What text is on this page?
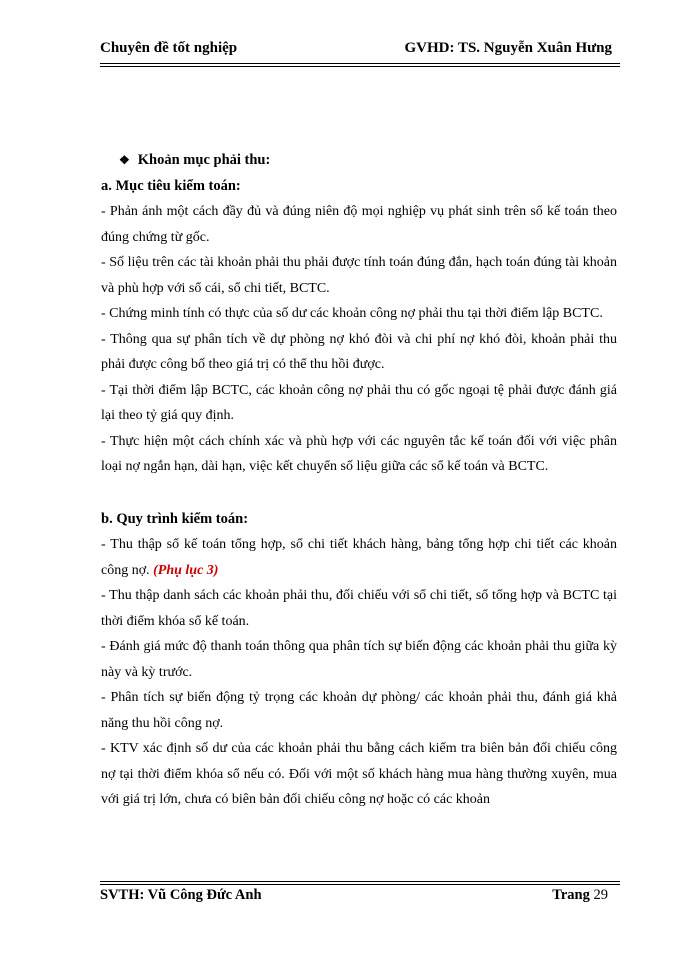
Chuyên đề tốt nghiệp	GVHD: TS. Nguyễn Xuân Hưng

❖ Khoản mục phải thu:

a. Mục tiêu kiểm toán:

- Phản ánh một cách đầy đủ và đúng niên độ mọi nghiệp vụ phát sinh trên sổ kế toán theo đúng chứng từ gốc.

- Số liệu trên các tài khoản phải thu phải được tính toán đúng đắn, hạch toán đúng tài khoản và phù hợp với sổ cái, sổ chi tiết, BCTC.

- Chứng minh tính có thực của số dư các khoản công nợ phải thu tại thời điểm lập BCTC.

- Thông qua sự phân tích về dự phòng nợ khó đòi và chi phí nợ khó đòi, khoản phải thu phải được công bố theo giá trị có thể thu hồi được.

- Tại thời điểm lập BCTC, các khoản công nợ phải thu có gốc ngoại tệ phải được đánh giá lại theo tỷ giá quy định.

- Thực hiện một cách chính xác và phù hợp với các nguyên tắc kế toán đối với việc phân loại nợ ngắn hạn, dài hạn, việc kết chuyển số liệu giữa các sổ kế toán và BCTC.

b. Quy trình kiểm toán:

- Thu thập sổ kế toán tổng hợp, sổ chi tiết khách hàng, bảng tổng hợp chi tiết các khoản công nợ. (Phụ lục 3)

- Thu thập danh sách các khoản phải thu, đối chiếu với sổ chi tiết, sổ tổng hợp và BCTC tại thời điểm khóa sổ kế toán.

- Đánh giá mức độ thanh toán thông qua phân tích sự biến động các khoản phải thu giữa kỳ này và kỳ trước.

- Phân tích sự biến động tỷ trọng các khoản dự phòng/ các khoản phải thu, đánh giá khả năng thu hồi công nợ.

- KTV xác định số dư của các khoản phải thu bằng cách kiểm tra biên bản đối chiếu công nợ tại thời điểm khóa sổ nếu có. Đối với một số khách hàng mua hàng thường xuyên, mua với giá trị lớn, chưa có biên bản đối chiếu công nợ hoặc có các khoản

SVTH: Vũ Công Đức Anh	Trang 29
